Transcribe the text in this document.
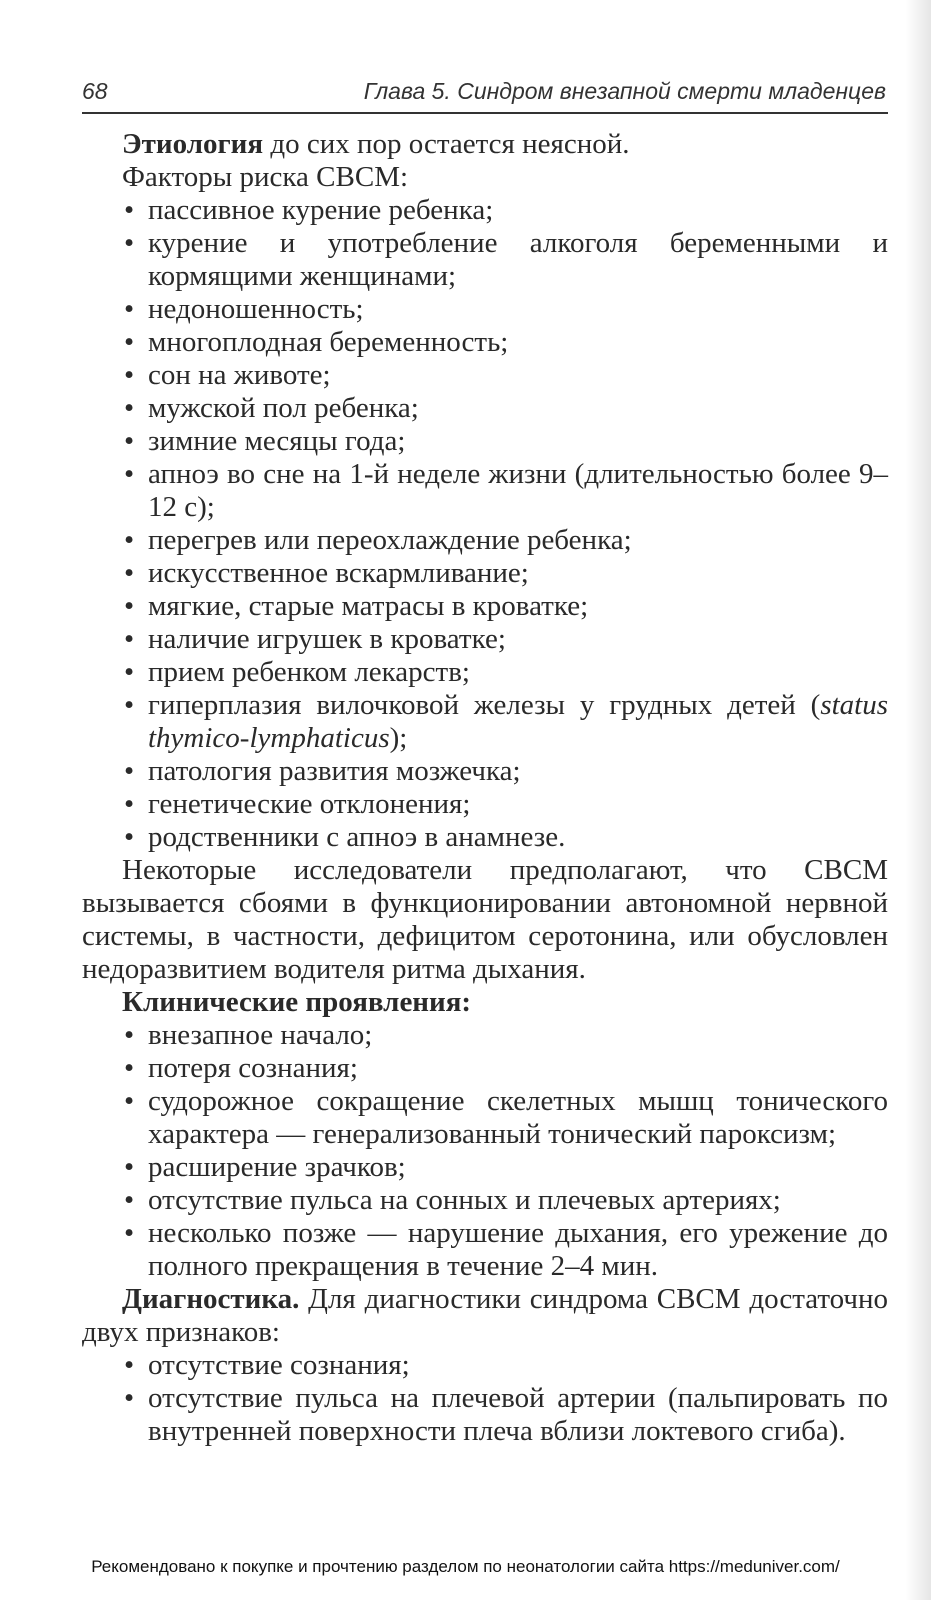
68	Глава 5. Синдром внезапной смерти младенцев

Этиология до сих пор остается неясной.

Факторы риска СВСМ:

• пассивное курение ребенка;
• курение и употребление алкоголя беременными и кормящими женщинами;
• недоношенность;
• многоплодная беременность;
• сон на животе;
• мужской пол ребенка;
• зимние месяцы года;
• апноэ во сне на 1-й неделе жизни (длительностью более 9–12 с);
• перегрев или переохлаждение ребенка;
• искусственное вскармливание;
• мягкие, старые матрасы в кроватке;
• наличие игрушек в кроватке;
• прием ребенком лекарств;
• гиперплазия вилочковой железы у грудных детей (status thymico-lymphaticus);
• патология развития мозжечка;
• генетические отклонения;
• родственники с апноэ в анамнезе.

Некоторые исследователи предполагают, что СВСМ вызывается сбоями в функционировании автономной нервной системы, в частности, дефицитом серотонина, или обусловлен недоразвитием водителя ритма дыхания.

Клинические проявления:

• внезапное начало;
• потеря сознания;
• судорожное сокращение скелетных мышц тонического характера — генерализованный тонический пароксизм;
• расширение зрачков;
• отсутствие пульса на сонных и плечевых артериях;
• несколько позже — нарушение дыхания, его урежение до полного прекращения в течение 2–4 мин.

Диагностика. Для диагностики синдрома СВСМ достаточно двух признаков:

• отсутствие сознания;
• отсутствие пульса на плечевой артерии (пальпировать по внутренней поверхности плеча вблизи локтевого сгиба).
Рекомендовано к покупке и прочтению разделом по неонатологии сайта https://meduniver.com/
